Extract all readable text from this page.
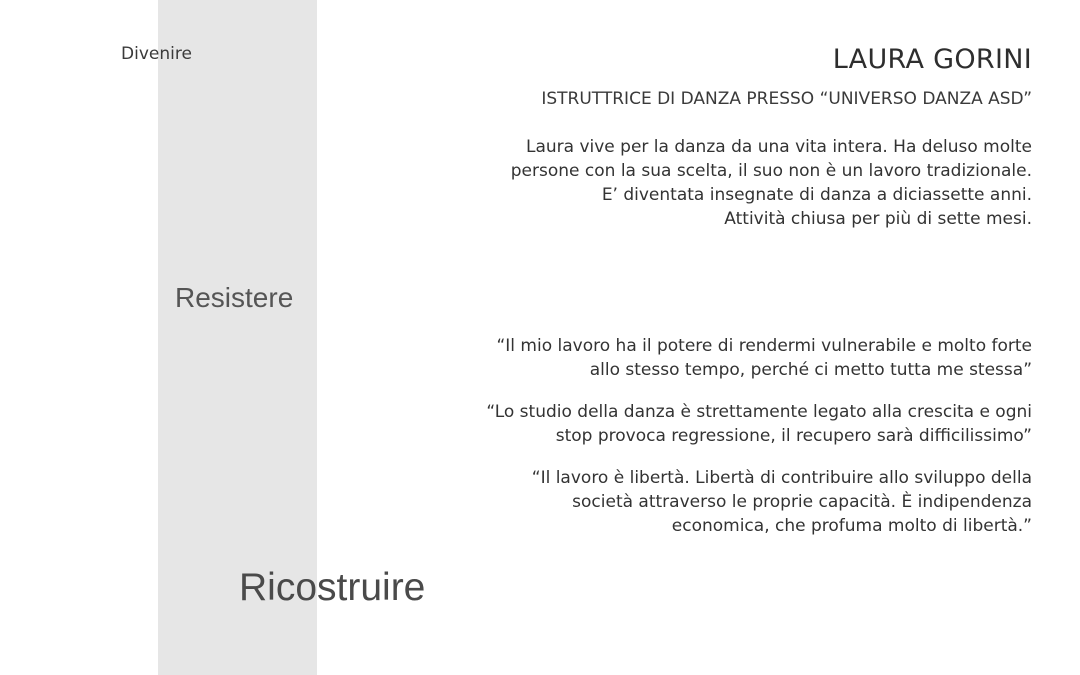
Divenire
Resistere
Ricostruire
LAURA GORINI
ISTRUTTRICE DI DANZA PRESSO “UNIVERSO DANZA ASD”
Laura vive per la danza da una vita intera. Ha deluso molte
persone con la sua scelta, il suo non è un lavoro tradizionale.
E’ diventata insegnate di danza a diciassette anni.
Attività chiusa per più di sette mesi.
“Il mio lavoro ha il potere di rendermi vulnerabile e molto forte
allo stesso tempo, perché ci metto tutta me stessa”
“Lo studio della danza è strettamente legato alla crescita e ogni
stop provoca regressione, il recupero sarà difficilissimo”
“Il lavoro è libertà. Libertà di contribuire allo sviluppo della
società attraverso le proprie capacità. È indipendenza
economica, che profuma molto di libertà.”
